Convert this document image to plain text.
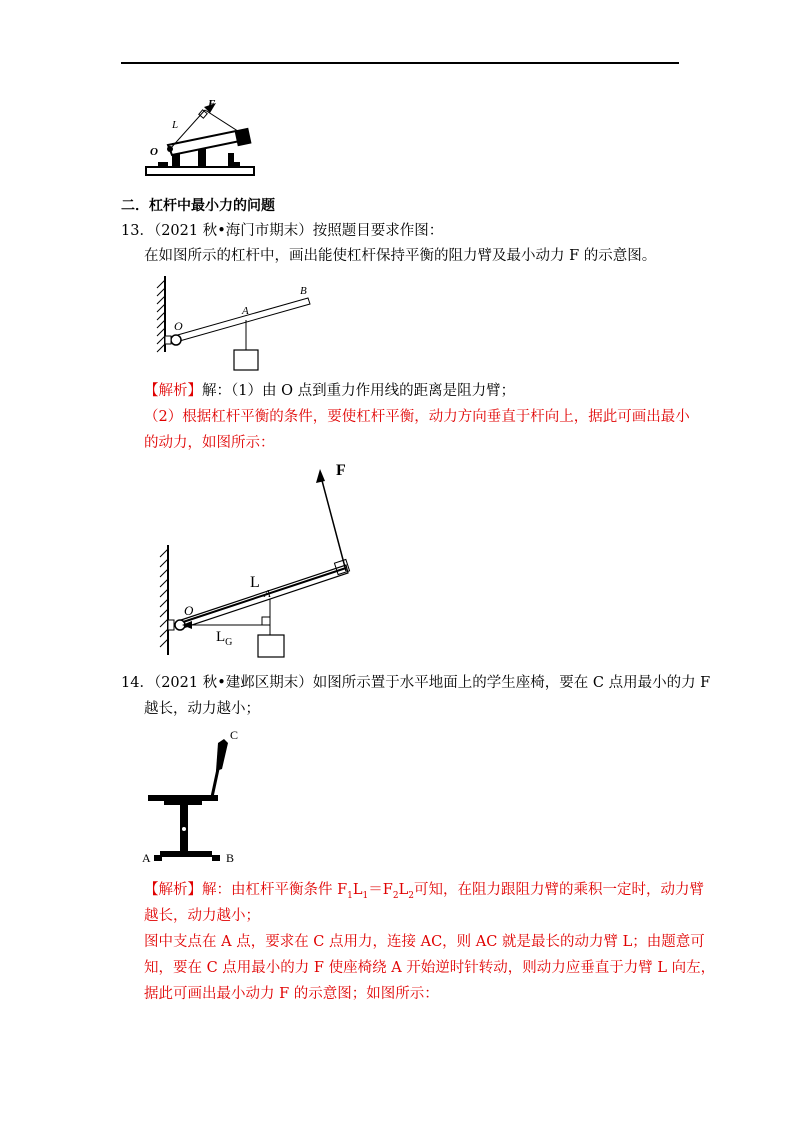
F
L
O
二．杠杆中最小力的问题
13．（2021 秋•海门市期末）按照题目要求作图：
在如图所示的杠杆中，画出能使杠杆保持平衡的阻力臂及最小动力 F 的示意图。
O
A
B
【解析】解：（1）由 O 点到重力作用线的距离是阻力臂；
（2）根据杠杆平衡的条件，要使杠杆平衡，动力方向垂直于杆向上，据此可画出最小
的动力，如图所示：
F
L
O
A
$L_G$
14．（2021 秋•建邺区期末）如图所示置于水平地面上的学生座椅，要在 C 点用最小的力 F
越长，动力越小；
C
A	B
【解析】解：由杠杆平衡条件 $F_1L_1=F_2L_2$可知，在阻力跟阻力臂的乘积一定时，动力臂
越长，动力越小；
图中支点在 A 点，要求在 C 点用力，连接 AC，则 AC 就是最长的动力臂 L；由题意可
知，要在 C 点用最小的力 F 使座椅绕 A 开始逆时针转动，则动力应垂直于力臂 L 向左，
据此可画出最小动力 F 的示意图；如图所示：
